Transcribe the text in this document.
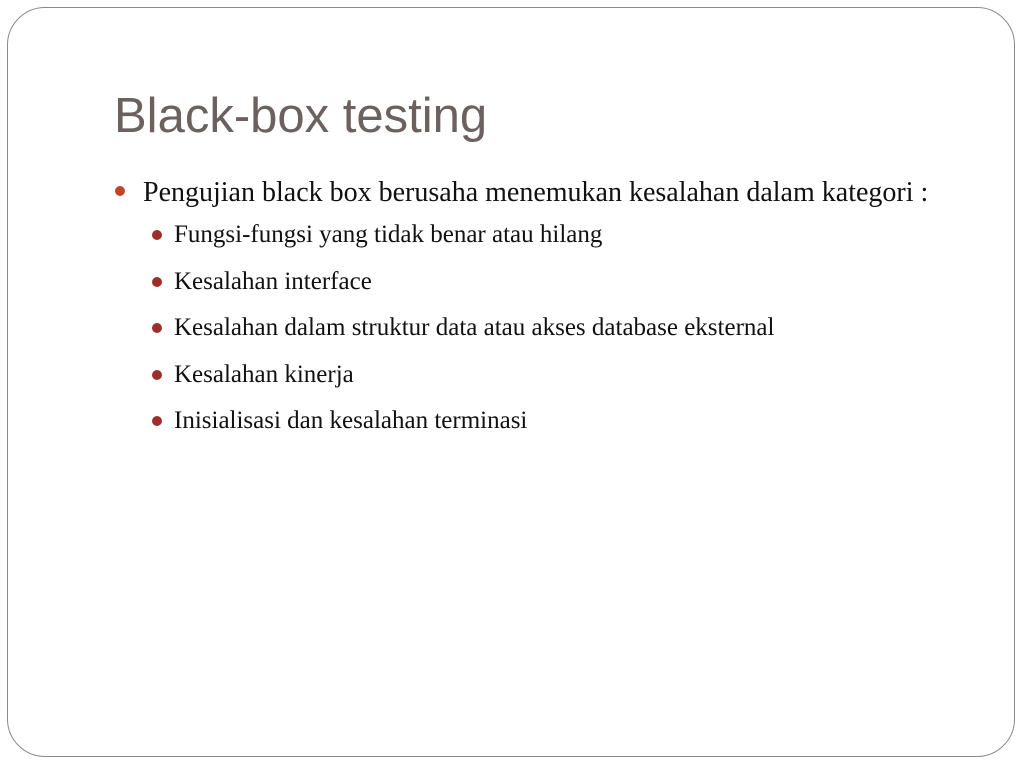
Black-box testing
Pengujian black box berusaha menemukan kesalahan dalam kategori :
Fungsi-fungsi yang tidak benar atau hilang
Kesalahan interface
Kesalahan dalam struktur data atau akses database eksternal
Kesalahan kinerja
Inisialisasi dan kesalahan terminasi
